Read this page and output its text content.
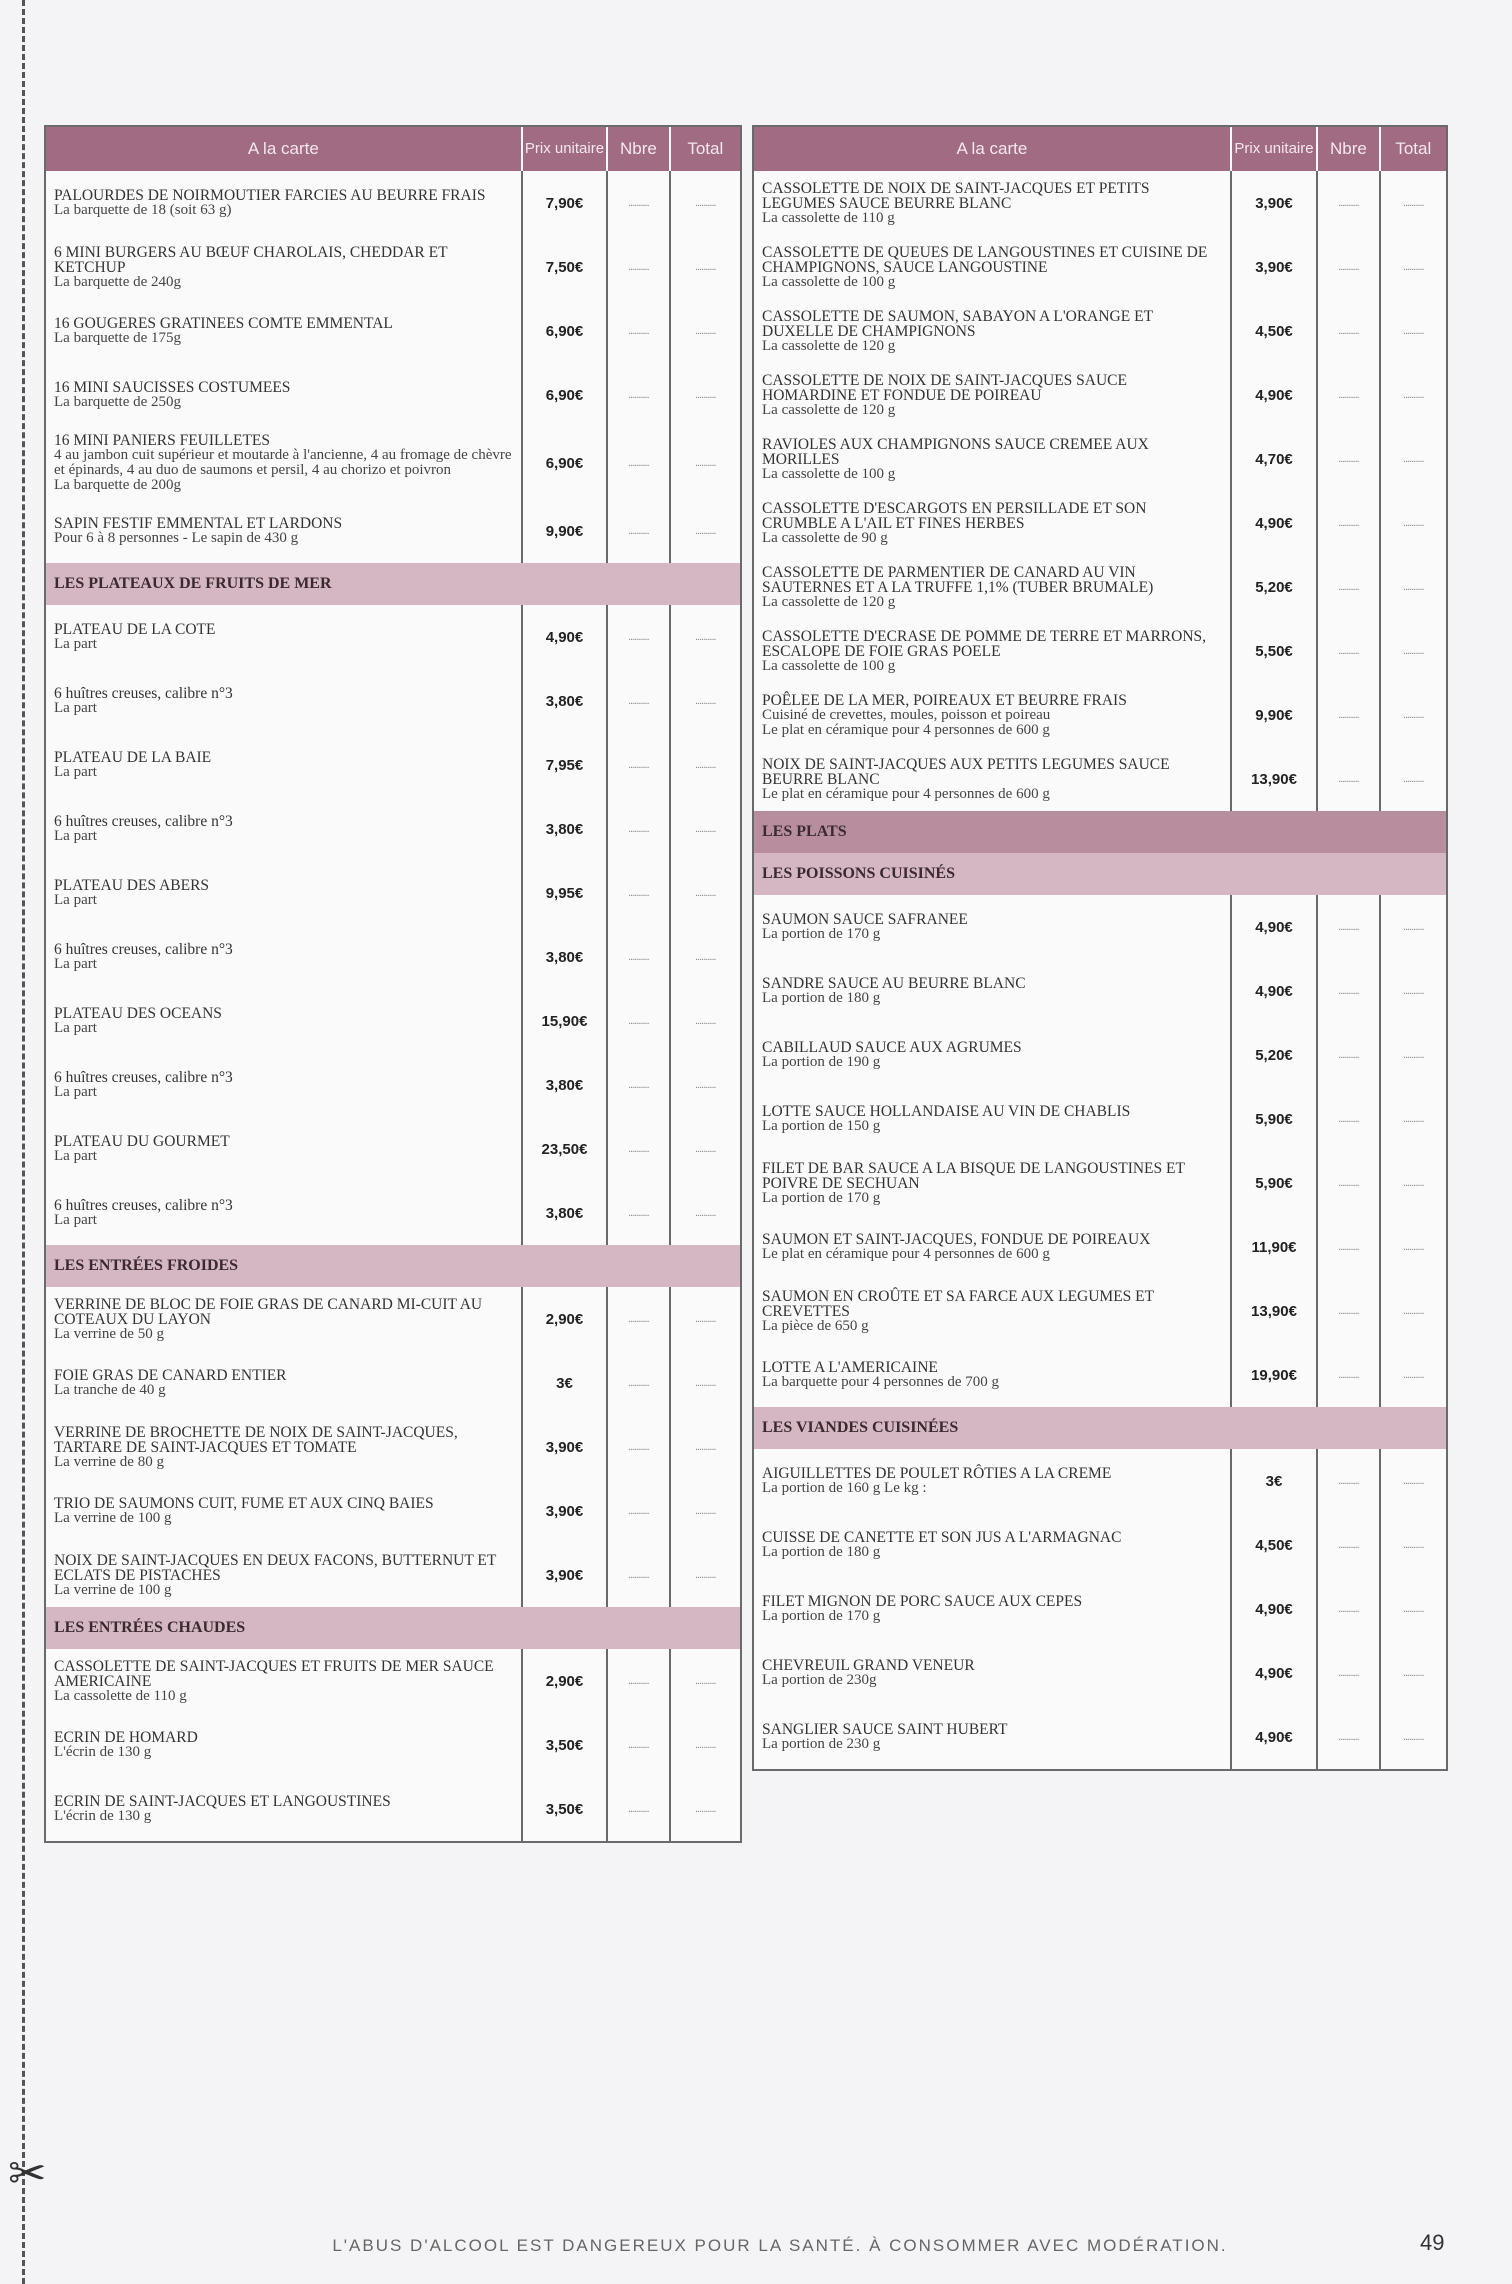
✂
A la carte	Prix unitaire	Nbre	Total

PALOURDES DE NOIRMOUTIER FARCIES AU BEURRE FRAIS
La barquette de 18 (soit 63 g)	7,90€	..........	..........

6 MINI BURGERS AU BŒUF CHAROLAIS, CHEDDAR ET KETCHUP
La barquette de 240g	7,50€	..........	..........

16 GOUGERES GRATINEES COMTE EMMENTAL
La barquette de 175g	6,90€	..........	..........

16 MINI SAUCISSES COSTUMEES
La barquette de 250g	6,90€	..........	..........

16 MINI PANIERS FEUILLETES
4 au jambon cuit supérieur et moutarde à l'ancienne, 4 au fromage de chèvre et épinards, 4 au duo de saumons et persil, 4 au chorizo et poivron
La barquette de 200g	6,90€	..........	..........

SAPIN FESTIF EMMENTAL ET LARDONS
Pour 6 à 8 personnes - Le sapin de 430 g	9,90€	..........	..........
LES PLATEAUX DE FRUITS DE MER			

PLATEAU DE LA COTE
La part	4,90€	..........	..........

6 huîtres creuses, calibre n°3
La part	3,80€	..........	..........

PLATEAU DE LA BAIE
La part	7,95€	..........	..........

6 huîtres creuses, calibre n°3
La part	3,80€	..........	..........

PLATEAU DES ABERS
La part	9,95€	..........	..........

6 huîtres creuses, calibre n°3
La part	3,80€	..........	..........

PLATEAU DES OCEANS
La part	15,90€	..........	..........

6 huîtres creuses, calibre n°3
La part	3,80€	..........	..........

PLATEAU DU GOURMET
La part	23,50€	..........	..........

6 huîtres creuses, calibre n°3
La part	3,80€	..........	..........
LES ENTRÉES FROIDES			

VERRINE DE BLOC DE FOIE GRAS DE CANARD MI-CUIT AU COTEAUX DU LAYON
La verrine de 50 g	2,90€	..........	..........

FOIE GRAS DE CANARD ENTIER
La tranche de 40 g	3€	..........	..........

VERRINE DE BROCHETTE DE NOIX DE SAINT-JACQUES, TARTARE DE SAINT-JACQUES ET TOMATE
La verrine de 80 g	3,90€	..........	..........

TRIO DE SAUMONS CUIT, FUME ET AUX CINQ BAIES
La verrine de 100 g	3,90€	..........	..........

NOIX DE SAINT-JACQUES EN DEUX FACONS, BUTTERNUT ET ECLATS DE PISTACHES
La verrine de 100 g	3,90€	..........	..........
LES ENTRÉES CHAUDES			

CASSOLETTE DE SAINT-JACQUES ET FRUITS DE MER SAUCE AMERICAINE
La cassolette de 110 g	2,90€	..........	..........

ECRIN DE HOMARD
L'écrin de 130 g	3,50€	..........	..........

ECRIN DE SAINT-JACQUES ET LANGOUSTINES
L'écrin de 130 g	3,50€	..........	..........
A la carte	Prix unitaire	Nbre	Total

CASSOLETTE DE NOIX DE SAINT-JACQUES ET PETITS LEGUMES SAUCE BEURRE BLANC
La cassolette de 110 g	3,90€	..........	..........

CASSOLETTE DE QUEUES DE LANGOUSTINES ET CUISINE DE CHAMPIGNONS, SAUCE LANGOUSTINE
La cassolette de 100 g	3,90€	..........	..........

CASSOLETTE DE SAUMON, SABAYON A L'ORANGE ET DUXELLE DE CHAMPIGNONS
La cassolette de 120 g	4,50€	..........	..........

CASSOLETTE DE NOIX DE SAINT-JACQUES SAUCE HOMARDINE ET FONDUE DE POIREAU
La cassolette de 120 g	4,90€	..........	..........

RAVIOLES AUX CHAMPIGNONS SAUCE CREMEE AUX MORILLES
La cassolette de 100 g	4,70€	..........	..........

CASSOLETTE D'ESCARGOTS EN PERSILLADE ET SON CRUMBLE A L'AIL ET FINES HERBES
La cassolette de 90 g	4,90€	..........	..........

CASSOLETTE DE PARMENTIER DE CANARD AU VIN SAUTERNES ET A LA TRUFFE 1,1% (TUBER BRUMALE)
La cassolette de 120 g	5,20€	..........	..........

CASSOLETTE D'ECRASE DE POMME DE TERRE ET MARRONS, ESCALOPE DE FOIE GRAS POELE
La cassolette de 100 g	5,50€	..........	..........

POÊLEE DE LA MER, POIREAUX ET BEURRE FRAIS
Cuisiné de crevettes, moules, poisson et poireau
Le plat en céramique pour 4 personnes de 600 g	9,90€	..........	..........

NOIX DE SAINT-JACQUES AUX PETITS LEGUMES SAUCE BEURRE BLANC
Le plat en céramique pour 4 personnes de 600 g	13,90€	..........	..........
LES PLATS			
LES POISSONS CUISINÉS			

SAUMON SAUCE SAFRANEE
La portion de 170 g	4,90€	..........	..........

SANDRE SAUCE AU BEURRE BLANC
La portion de 180 g	4,90€	..........	..........

CABILLAUD SAUCE AUX AGRUMES
La portion de 190 g	5,20€	..........	..........

LOTTE SAUCE HOLLANDAISE AU VIN DE CHABLIS
La portion de 150 g	5,90€	..........	..........

FILET DE BAR SAUCE A LA BISQUE DE LANGOUSTINES ET POIVRE DE SECHUAN
La portion de 170 g	5,90€	..........	..........

SAUMON ET SAINT-JACQUES, FONDUE DE POIREAUX
Le plat en céramique pour 4 personnes de 600 g	11,90€	..........	..........

SAUMON EN CROÛTE ET SA FARCE AUX LEGUMES ET CREVETTES
La pièce de 650 g	13,90€	..........	..........

LOTTE A L'AMERICAINE
La barquette pour 4 personnes de 700 g	19,90€	..........	..........
LES VIANDES CUISINÉES			

AIGUILLETTES DE POULET RÔTIES A LA CREME
La portion de 160 g Le kg :	3€	..........	..........

CUISSE DE CANETTE ET SON JUS A L'ARMAGNAC
La portion de 180 g	4,50€	..........	..........

FILET MIGNON DE PORC SAUCE AUX CEPES
La portion de 170 g	4,90€	..........	..........

CHEVREUIL GRAND VENEUR
La portion de 230g	4,90€	..........	..........

SANGLIER SAUCE SAINT HUBERT
La portion de 230 g	4,90€	..........	..........
L'ABUS D'ALCOOL EST DANGEREUX POUR LA SANTÉ. À CONSOMMER AVEC MODÉRATION.	49
